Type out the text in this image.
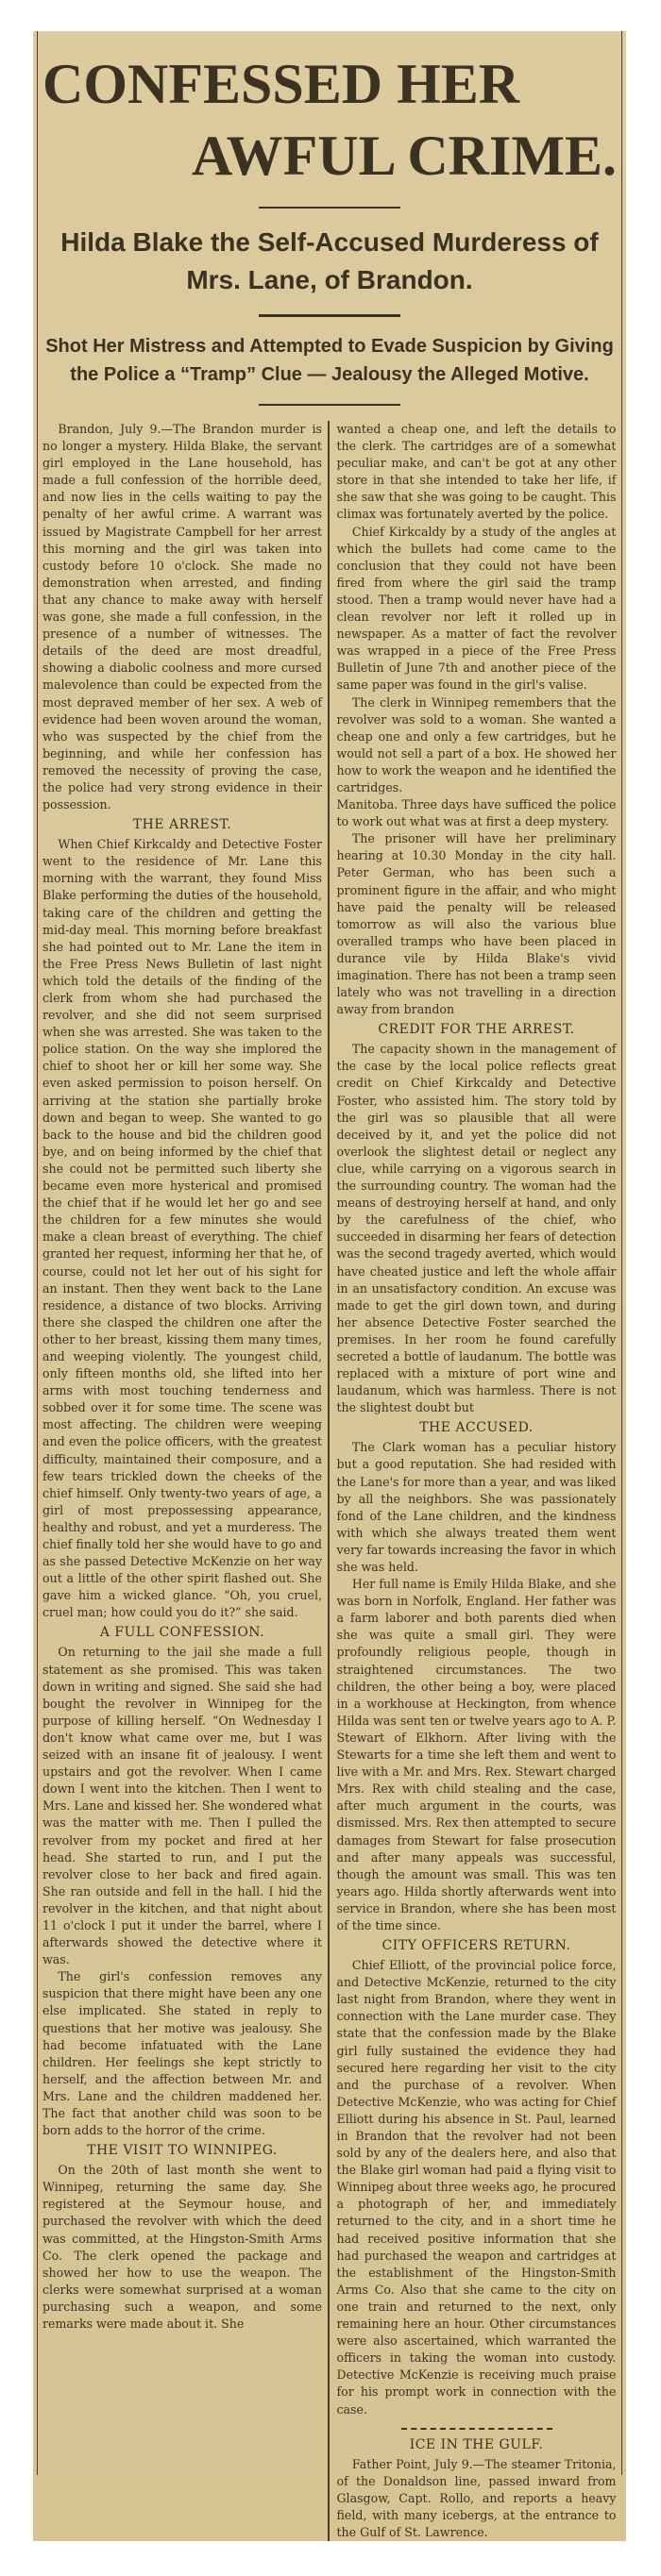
CONFESSED HER
AWFUL CRIME.
Hilda Blake the Self-Accused Murderess of Mrs. Lane, of Brandon.
Shot Her Mistress and Attempted to Evade Suspicion by Giving the Police a “Tramp” Clue — Jealousy the Alleged Motive.

Brandon, July 9.—The Brandon murder is no longer a mystery. Hilda Blake, the servant girl employed in the Lane household, has made a full confession of the horrible deed, and now lies in the cells waiting to pay the penalty of her awful crime. A warrant was issued by Magistrate Campbell for her arrest this morning and the girl was taken into custody before 10 o'clock. She made no demonstration when arrested, and finding that any chance to make away with herself was gone, she made a full confession, in the presence of a number of witnesses. The details of the deed are most dreadful, showing a diabolic coolness and more cursed malevolence than could be expected from the most depraved member of her sex. A web of evidence had been woven around the woman, who was suspected by the chief from the beginning, and while her confession has removed the necessity of proving the case, the police had very strong evidence in their possession.

THE ARREST.

When Chief Kirkcaldy and Detective Foster went to the residence of Mr. Lane this morning with the warrant, they found Miss Blake performing the duties of the household, taking care of the children and getting the mid-day meal. This morning before breakfast she had pointed out to Mr. Lane the item in the Free Press News Bulletin of last night which told the details of the finding of the clerk from whom she had purchased the revolver, and she did not seem surprised when she was arrested. She was taken to the police station. On the way she implored the chief to shoot her or kill her some way. She even asked permission to poison herself. On arriving at the station she partially broke down and began to weep. She wanted to go back to the house and bid the children good bye, and on being informed by the chief that she could not be permitted such liberty she became even more hysterical and promised the chief that if he would let her go and see the children for a few minutes she would make a clean breast of everything. The chief granted her request, informing her that he, of course, could not let her out of his sight for an instant. Then they went back to the Lane residence, a distance of two blocks. Arriving there she clasped the children one after the other to her breast, kissing them many times, and weeping violently. The youngest child, only fifteen months old, she lifted into her arms with most touching tenderness and sobbed over it for some time. The scene was most affecting. The children were weeping and even the police officers, with the greatest difficulty, maintained their composure, and a few tears trickled down the cheeks of the chief himself. Only twenty-two years of age, a girl of most prepossessing appearance, healthy and robust, and yet a murderess. The chief finally told her she would have to go and as she passed Detective McKenzie on her way out a little of the other spirit flashed out. She gave him a wicked glance. “Oh, you cruel, cruel man; how could you do it?” she said.

A FULL CONFESSION.

On returning to the jail she made a full statement as she promised. This was taken down in writing and signed. She said she had bought the revolver in Winnipeg for the purpose of killing herself. “On Wednesday I don't know what came over me, but I was seized with an insane fit of jealousy. I went upstairs and got the revolver. When I came down I went into the kitchen. Then I went to Mrs. Lane and kissed her. She wondered what was the matter with me. Then I pulled the revolver from my pocket and fired at her head. She started to run, and I put the revolver close to her back and fired again. She ran outside and fell in the hall. I hid the revolver in the kitchen, and that night about 11 o'clock I put it under the barrel, where I afterwards showed the detective where it was.

The girl's confession removes any suspicion that there might have been any one else implicated. She stated in reply to questions that her motive was jealousy. She had become infatuated with the Lane children. Her feelings she kept strictly to herself, and the affection between Mr. and Mrs. Lane and the children maddened her. The fact that another child was soon to be born adds to the horror of the crime.

THE VISIT TO WINNIPEG.

On the 20th of last month she went to Winnipeg, returning the same day. She registered at the Seymour house, and purchased the revolver with which the deed was committed, at the Hingston-Smith Arms Co. The clerk opened the package and showed her how to use the weapon. The clerks were somewhat surprised at a woman purchasing such a weapon, and some remarks were made about it. She

wanted a cheap one, and left the details to the clerk. The cartridges are of a somewhat peculiar make, and can't be got at any other store in that she intended to take her life, if she saw that she was going to be caught. This climax was fortunately averted by the police.

Chief Kirkcaldy by a study of the angles at which the bullets had come came to the conclusion that they could not have been fired from where the girl said the tramp stood. Then a tramp would never have had a clean revolver nor left it rolled up in newspaper. As a matter of fact the revolver was wrapped in a piece of the Free Press Bulletin of June 7th and another piece of the same paper was found in the girl's valise.

The clerk in Winnipeg remembers that the revolver was sold to a woman. She wanted a cheap one and only a few cartridges, but he would not sell a part of a box. He showed her how to work the weapon and he identified the cartridges.

Manitoba. Three days have sufficed the police to work out what was at first a deep mystery.

The prisoner will have her preliminary hearing at 10.30 Monday in the city hall. Peter German, who has been such a prominent figure in the affair, and who might have paid the penalty will be released tomorrow as will also the various blue overalled tramps who have been placed in durance vile by Hilda Blake's vivid imagination. There has not been a tramp seen lately who was not travelling in a direction away from brandon

CREDIT FOR THE ARREST.

The capacity shown in the management of the case by the local police reflects great credit on Chief Kirkcaldy and Detective Foster, who assisted him. The story told by the girl was so plausible that all were deceived by it, and yet the police did not overlook the slightest detail or neglect any clue, while carrying on a vigorous search in the surrounding country. The woman had the means of destroying herself at hand, and only by the carefulness of the chief, who succeeded in disarming her fears of detection was the second tragedy averted, which would have cheated justice and left the whole affair in an unsatisfactory condition. An excuse was made to get the girl down town, and during her absence Detective Foster searched the premises. In her room he found carefully secreted a bottle of laudanum. The bottle was replaced with a mixture of port wine and laudanum, which was harmless. There is not the slightest doubt but

THE ACCUSED.

The Clark woman has a peculiar history but a good reputation. She had resided with the Lane's for more than a year, and was liked by all the neighbors. She was passionately fond of the Lane children, and the kindness with which she always treated them went very far towards increasing the favor in which she was held.

Her full name is Emily Hilda Blake, and she was born in Norfolk, England. Her father was a farm laborer and both parents died when she was quite a small girl. They were profoundly religious people, though in straightened circumstances. The two children, the other being a boy, were placed in a workhouse at Heckington, from whence Hilda was sent ten or twelve years ago to A. P. Stewart of Elkhorn. After living with the Stewarts for a time she left them and went to live with a Mr. and Mrs. Rex. Stewart charged Mrs. Rex with child stealing and the case, after much argument in the courts, was dismissed. Mrs. Rex then attempted to secure damages from Stewart for false prosecution and after many appeals was successful, though the amount was small. This was ten years ago. Hilda shortly afterwards went into service in Brandon, where she has been most of the time since.

CITY OFFICERS RETURN.

Chief Elliott, of the provincial police force, and Detective McKenzie, returned to the city last night from Brandon, where they went in connection with the Lane murder case. They state that the confession made by the Blake girl fully sustained the evidence they had secured here regarding her visit to the city and the purchase of a revolver. When Detective McKenzie, who was acting for Chief Elliott during his absence in St. Paul, learned in Brandon that the revolver had not been sold by any of the dealers here, and also that the Blake girl woman had paid a flying visit to Winnipeg about three weeks ago, he procured a photograph of her, and immediately returned to the city, and in a short time he had received positive information that she had purchased the weapon and cartridges at the establishment of the Hingston-Smith Arms Co. Also that she came to the city on one train and returned to the next, only remaining here an hour. Other circumstances were also ascertained, which warranted the officers in taking the woman into custody. Detective McKenzie is receiving much praise for his prompt work in connection with the case.

ICE IN THE GULF.

Father Point, July 9.—The steamer Tritonia, of the Donaldson line, passed inward from Glasgow, Capt. Rollo, and reports a heavy field, with many icebergs, at the entrance to the Gulf of St. Lawrence.
